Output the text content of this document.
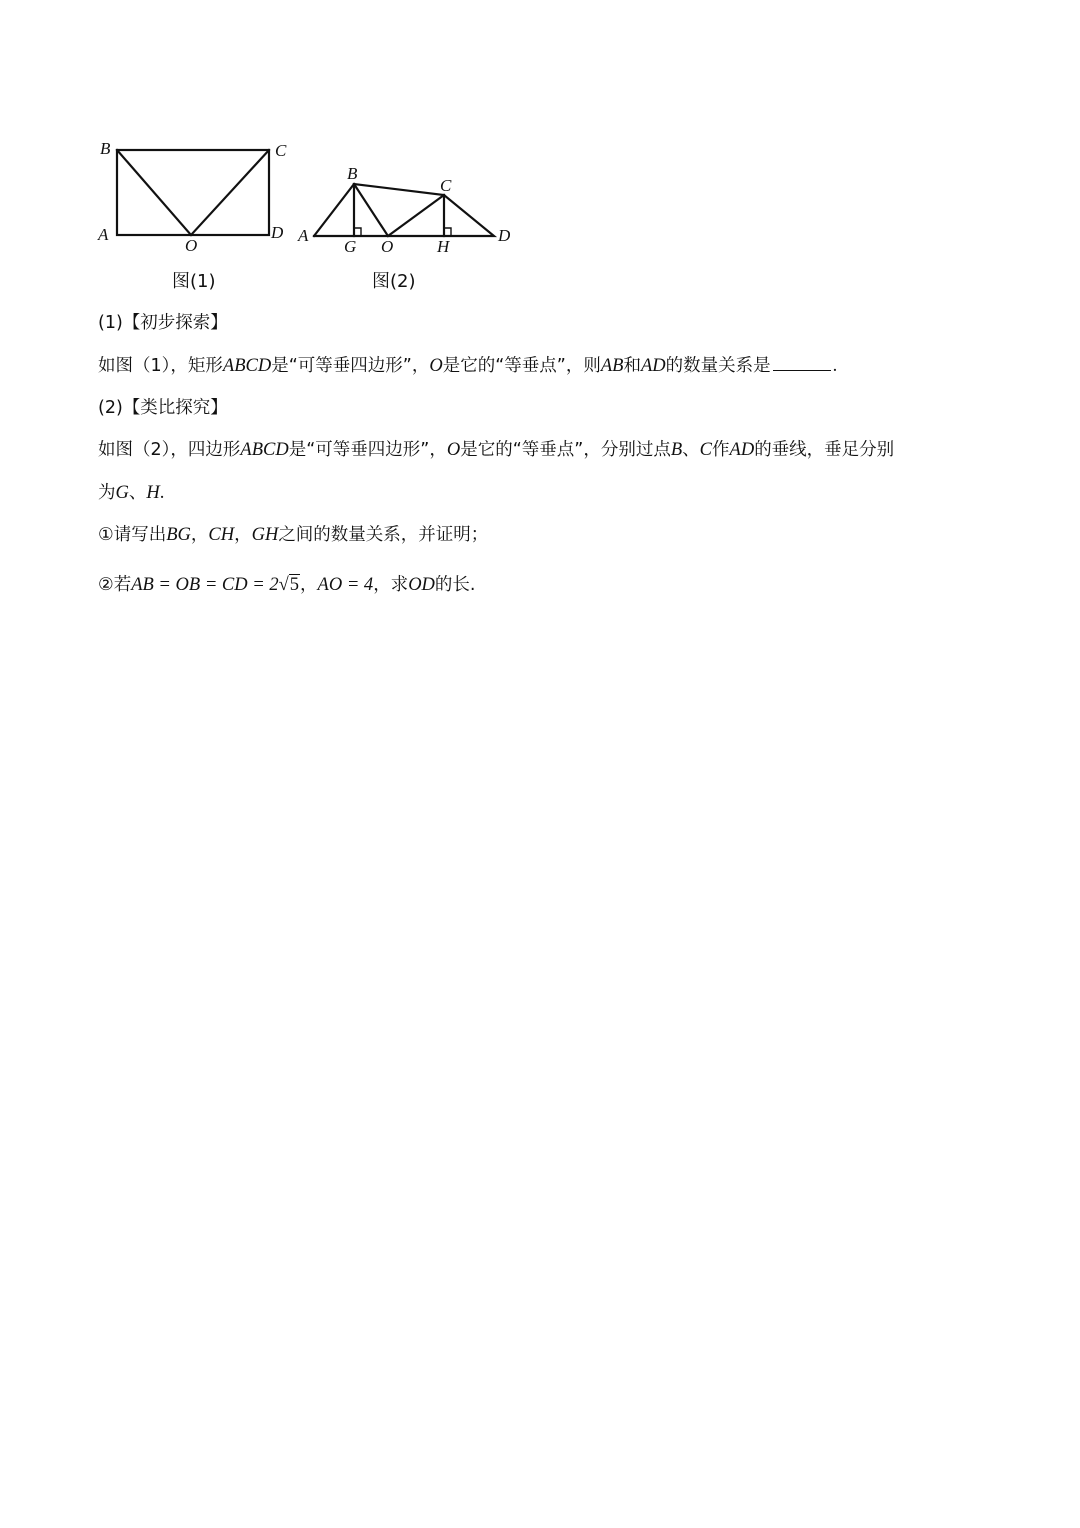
B	C
A	D
O
图(1)
B
C
A	D
G O	H
图(2)
(1)【初步探索】
如图（1），矩形ABCD是“可等垂四边形”，O是它的“等垂点”，则AB和AD的数量关系是	.
(2)【类比探究】
如图（2），四边形ABCD是“可等垂四边形”，O是它的“等垂点”，分别过点B、C作AD的垂线，垂足分别
为G、H.
①请写出BG，CH，GH之间的数量关系，并证明；
②若AB = OB = CD = 2√5，AO = 4，求OD的长.
